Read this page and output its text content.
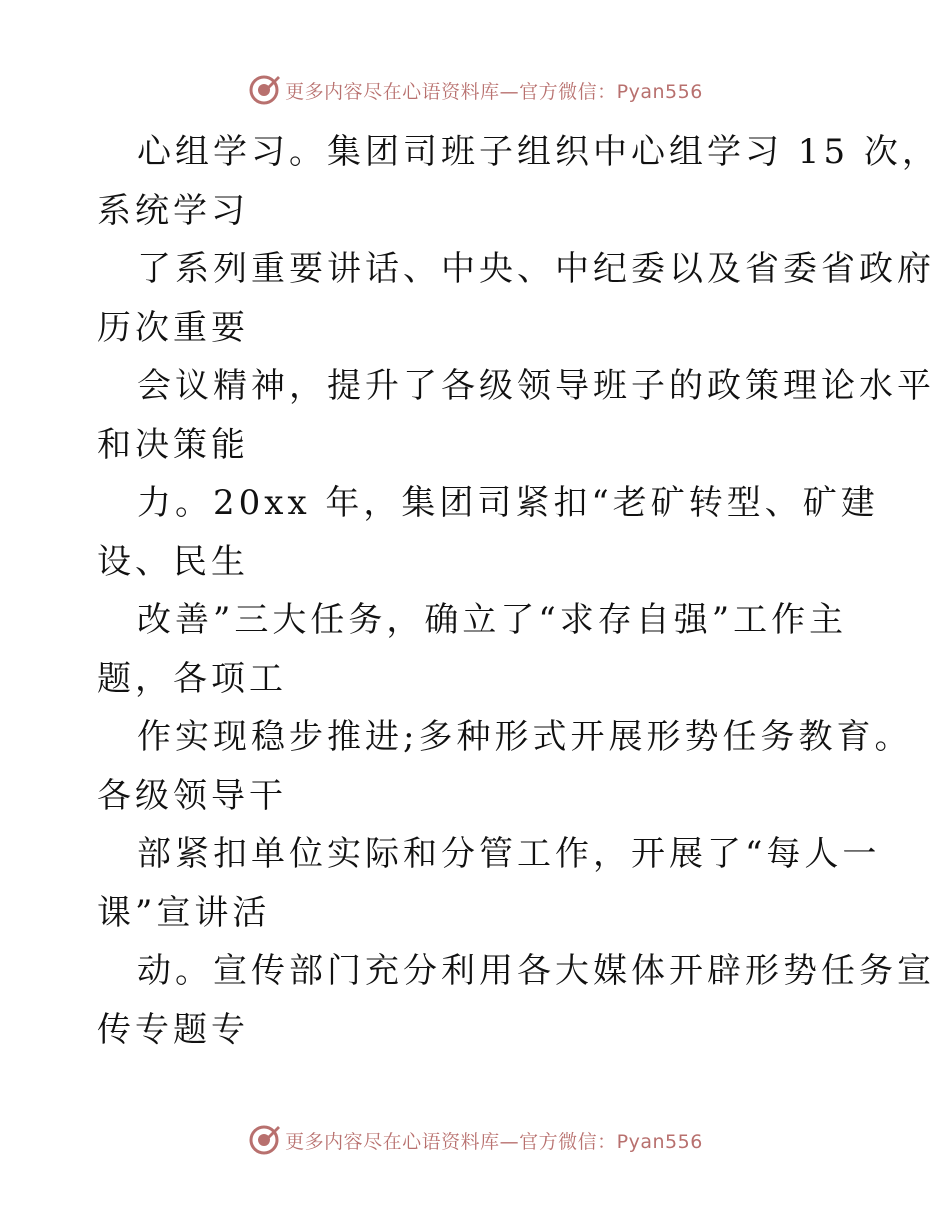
更多内容尽在心语资料库—官方微信：Pyan556
心组学习。集团司班子组织中心组学习 15 次，
系统学习
了系列重要讲话、中央、中纪委以及省委省政府
历次重要
会议精神，提升了各级领导班子的政策理论水平
和决策能
力。20xx 年，集团司紧扣“老矿转型、矿建
设、民生
改善”三大任务，确立了“求存自强”工作主
题，各项工
作实现稳步推进;多种形式开展形势任务教育。
各级领导干
部紧扣单位实际和分管工作，开展了“每人一
课”宣讲活
动。宣传部门充分利用各大媒体开辟形势任务宣
传专题专
更多内容尽在心语资料库—官方微信：Pyan556
